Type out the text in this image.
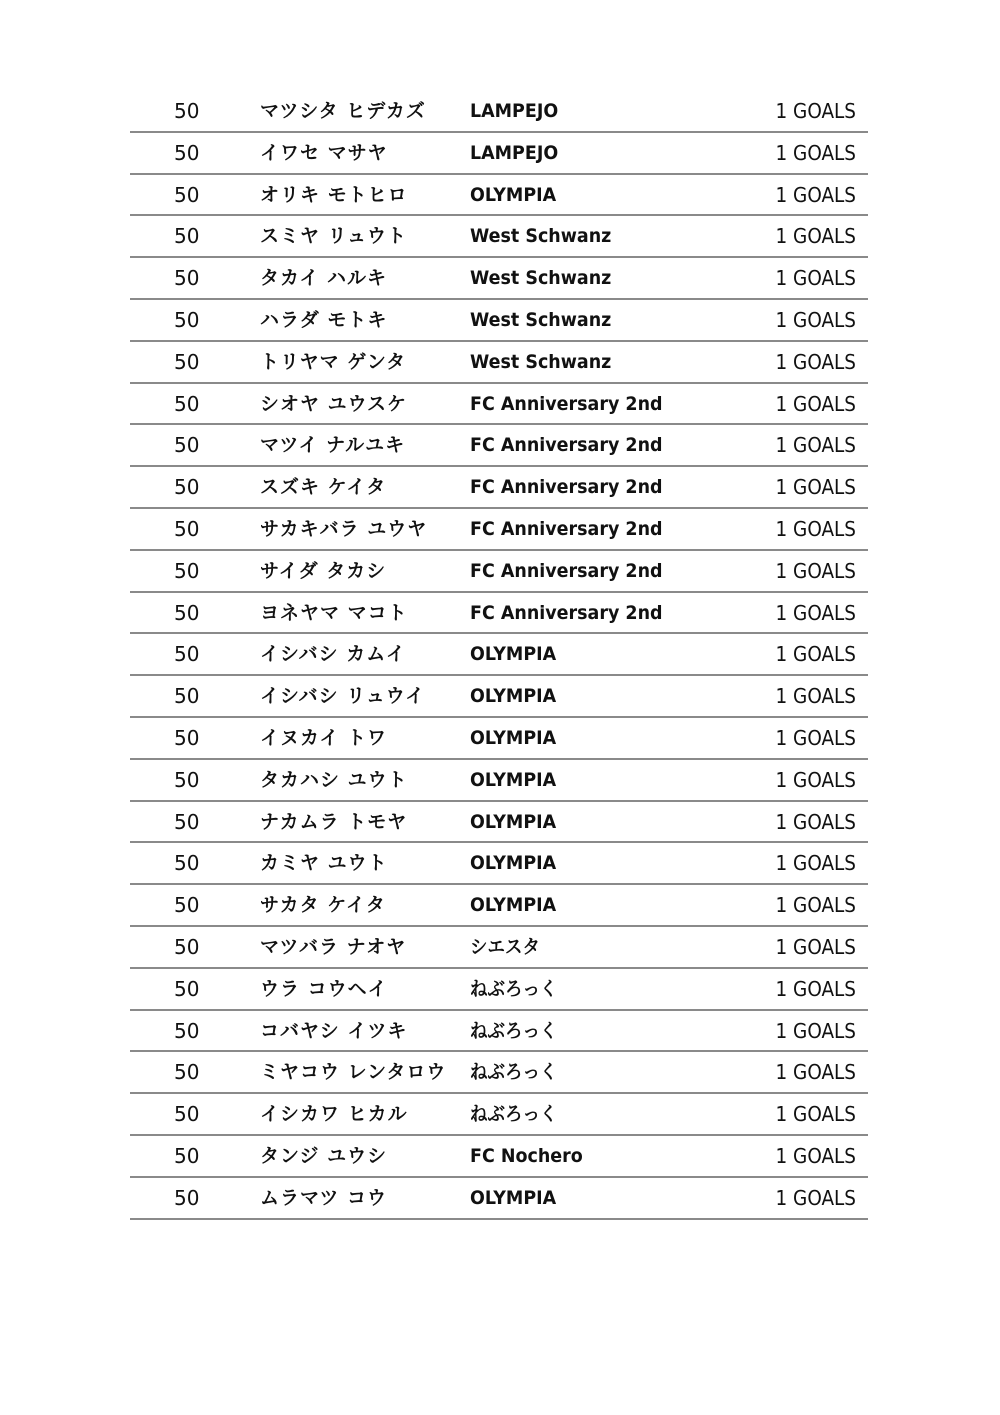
50	マツシタ ヒデカズ	LAMPEJO	1 GOALS
50	イワセ マサヤ	LAMPEJO	1 GOALS
50	オリキ モトヒロ	OLYMPIA	1 GOALS
50	スミヤ リュウト	West Schwanz	1 GOALS
50	タカイ ハルキ	West Schwanz	1 GOALS
50	ハラダ モトキ	West Schwanz	1 GOALS
50	トリヤマ ゲンタ	West Schwanz	1 GOALS
50	シオヤ ユウスケ	FC Anniversary 2nd	1 GOALS
50	マツイ ナルユキ	FC Anniversary 2nd	1 GOALS
50	スズキ ケイタ	FC Anniversary 2nd	1 GOALS
50	サカキバラ ユウヤ	FC Anniversary 2nd	1 GOALS
50	サイダ タカシ	FC Anniversary 2nd	1 GOALS
50	ヨネヤマ マコト	FC Anniversary 2nd	1 GOALS
50	イシバシ カムイ	OLYMPIA	1 GOALS
50	イシバシ リュウイ	OLYMPIA	1 GOALS
50	イヌカイ トワ	OLYMPIA	1 GOALS
50	タカハシ ユウト	OLYMPIA	1 GOALS
50	ナカムラ トモヤ	OLYMPIA	1 GOALS
50	カミヤ ユウト	OLYMPIA	1 GOALS
50	サカタ ケイタ	OLYMPIA	1 GOALS
50	マツバラ ナオヤ	シエスタ	1 GOALS
50	ウラ コウヘイ	ねぶろっく	1 GOALS
50	コバヤシ イツキ	ねぶろっく	1 GOALS
50	ミヤコウ レンタロウ	ねぶろっく	1 GOALS
50	イシカワ ヒカル	ねぶろっく	1 GOALS
50	タンジ ユウシ	FC Nochero	1 GOALS
50	ムラマツ コウ	OLYMPIA	1 GOALS
